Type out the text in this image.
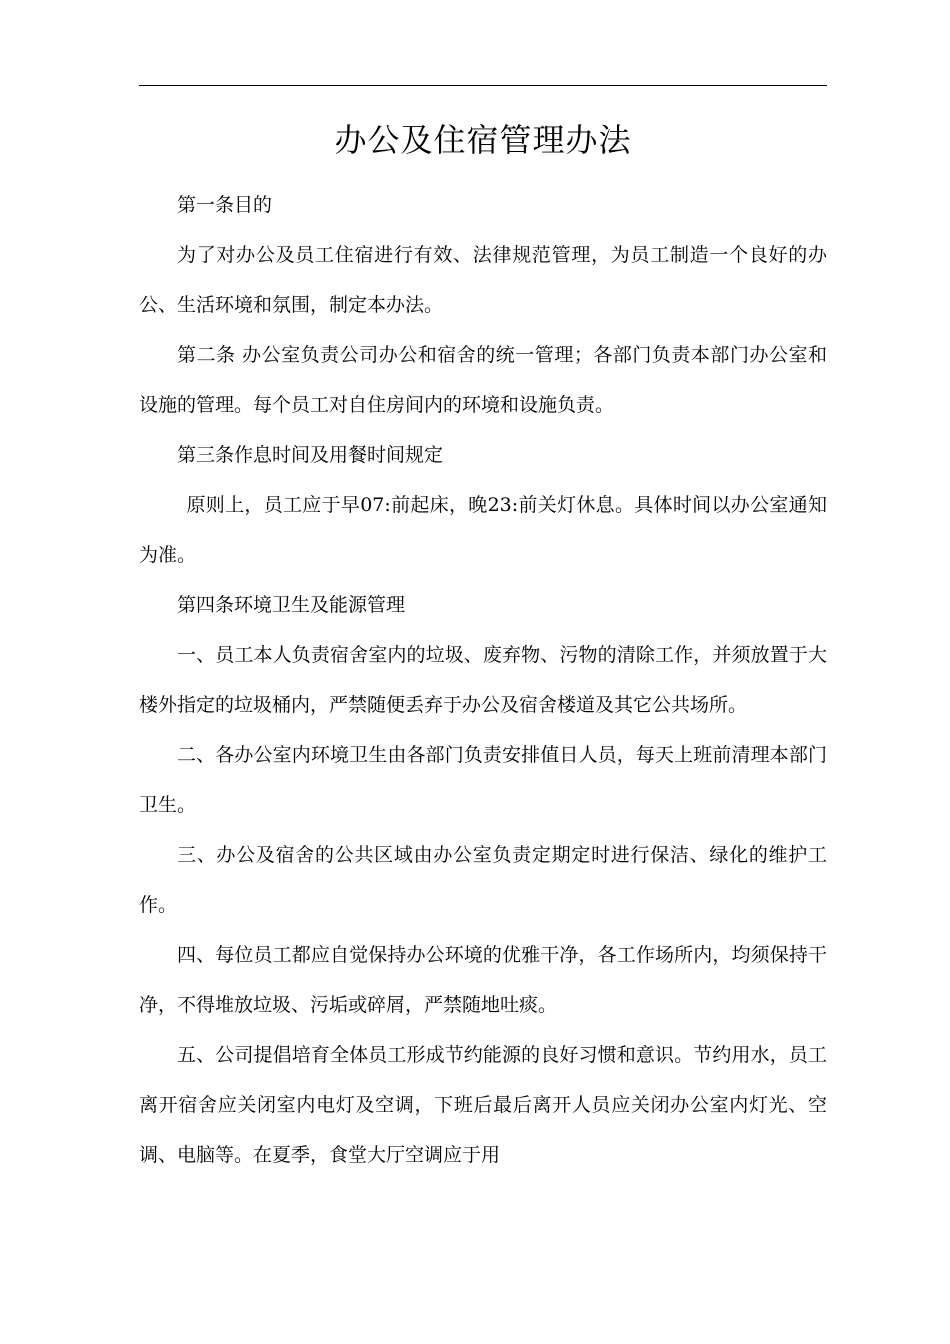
办公及住宿管理办法

第一条目的

为了对办公及员工住宿进行有效、法律规范管理，为员工制造一个良好的办公、生活环境和氛围，制定本办法。

第二条 办公室负责公司办公和宿舍的统一管理；各部门负责本部门办公室和设施的管理。每个员工对自住房间内的环境和设施负责。

第三条作息时间及用餐时间规定

原则上，员工应于早07:前起床，晚23:前关灯休息。具体时间以办公室通知为准。

第四条环境卫生及能源管理

一、员工本人负责宿舍室内的垃圾、废弃物、污物的清除工作，并须放置于大楼外指定的垃圾桶内，严禁随便丢弃于办公及宿舍楼道及其它公共场所。

二、各办公室内环境卫生由各部门负责安排值日人员，每天上班前清理本部门卫生。

三、办公及宿舍的公共区域由办公室负责定期定时进行保洁、绿化的维护工作。

四、每位员工都应自觉保持办公环境的优雅干净，各工作场所内，均须保持干净，不得堆放垃圾、污垢或碎屑，严禁随地吐痰。

五、公司提倡培育全体员工形成节约能源的良好习惯和意识。节约用水，员工离开宿舍应关闭室内电灯及空调，下班后最后离开人员应关闭办公室内灯光、空调、电脑等。在夏季，食堂大厅空调应于用
